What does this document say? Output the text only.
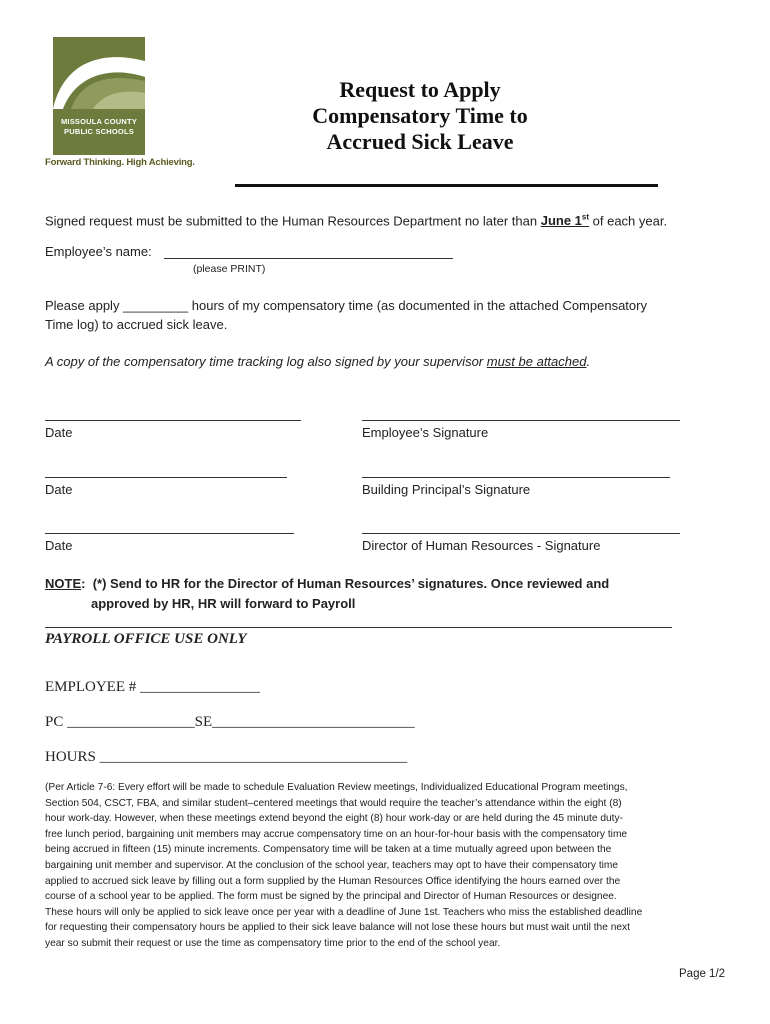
MISSOULA COUNTY
PUBLIC SCHOOLS
Forward Thinking. High Achieving.
Request to Apply
Compensatory Time to
Accrued Sick Leave
Signed request must be submitted to the Human Resources Department no later than June 1st of each year.
Employee’s name:
(please PRINT)
Please apply _________ hours of my compensatory time (as documented in the attached Compensatory
Time log) to accrued sick leave.
A copy of the compensatory time tracking log also signed by your supervisor must be attached.
Date	Employee’s Signature
Date	Building Principal’s Signature
Date	Director of Human Resources - Signature
NOTE: (*) Send to HR for the Director of Human Resources’ signatures. Once reviewed and
approved by HR, HR will forward to Payroll
PAYROLL OFFICE USE ONLY
EMPLOYEE # ________________
PC _________________SE___________________________
HOURS _________________________________________
(Per Article 7-6: Every effort will be made to schedule Evaluation Review meetings, Individualized Educational Program meetings,
Section 504, CSCT, FBA, and similar student–centered meetings that would require the teacher’s attendance within the eight (8)
hour work-day. However, when these meetings extend beyond the eight (8) hour work-day or are held during the 45 minute duty-
free lunch period, bargaining unit members may accrue compensatory time on an hour-for-hour basis with the compensatory time
being accrued in fifteen (15) minute increments. Compensatory time will be taken at a time mutually agreed upon between the
bargaining unit member and supervisor. At the conclusion of the school year, teachers may opt to have their compensatory time
applied to accrued sick leave by filling out a form supplied by the Human Resources Office identifying the hours earned over the
course of a school year to be applied. The form must be signed by the principal and Director of Human Resources or designee.
These hours will only be applied to sick leave once per year with a deadline of June 1st. Teachers who miss the established deadline
for requesting their compensatory hours be applied to their sick leave balance will not lose these hours but must wait until the next
year so submit their request or use the time as compensatory time prior to the end of the school year.
Page 1/2
